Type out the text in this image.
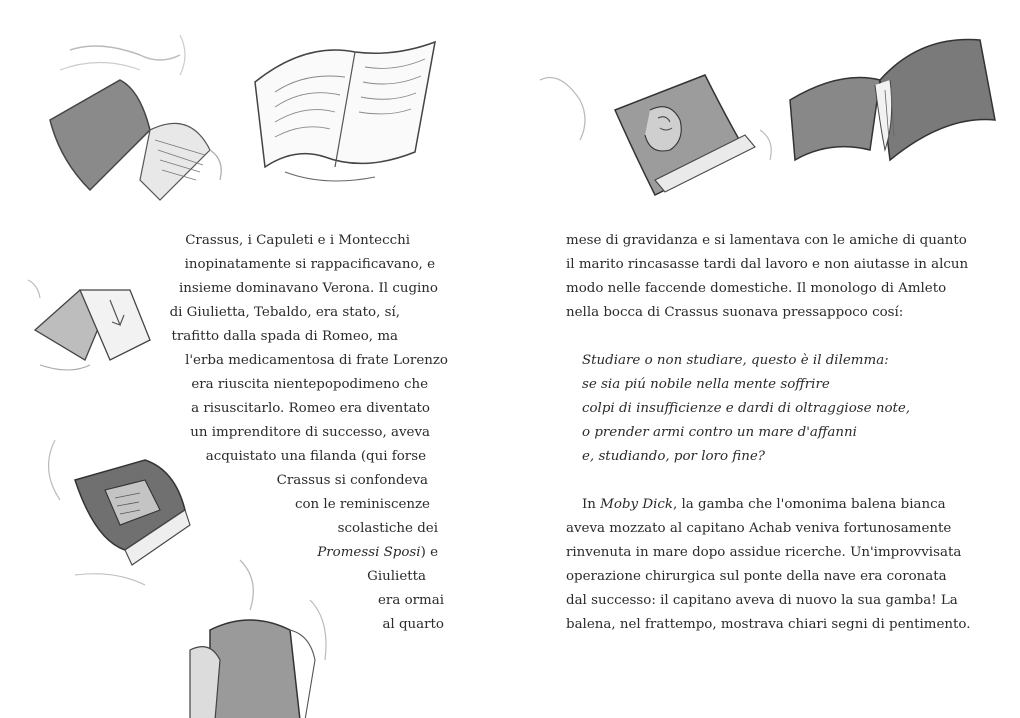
Crassus, i Capuleti e i Montecchi

inopinatamente si rappacificavano, e

insieme dominavano Verona. Il cugino

di Giulietta, Tebaldo, era stato, sí,

trafitto dalla spada di Romeo, ma

l'erba medicamentosa di frate Lorenzo

era riuscita nientepopodimeno che

a risuscitarlo. Romeo era diventato

un imprenditore di successo, aveva

acquistato una filanda (qui forse

Crassus si confondeva

con le reminiscenze

scolastiche dei

Promessi Sposi) e

Giulietta

era ormai

al quarto

mese di gravidanza e si lamentava con le amiche di quanto

il marito rincasasse tardi dal lavoro e non aiutasse in alcun

modo nelle faccende domestiche. Il monologo di Amleto

nella bocca di Crassus suonava pressappoco cosí:

Studiare o non studiare, questo è il dilemma:

se sia piú nobile nella mente soffrire

colpi di insufficienze e dardi di oltraggiose note,

o prender armi contro un mare d'affanni

e, studiando, por loro fine?

In Moby Dick, la gamba che l'omonima balena bianca

aveva mozzato al capitano Achab veniva fortunosamente

rinvenuta in mare dopo assidue ricerche. Un'improvvisata

operazione chirurgica sul ponte della nave era coronata

dal successo: il capitano aveva di nuovo la sua gamba! La

balena, nel frattempo, mostrava chiari segni di pentimento.
